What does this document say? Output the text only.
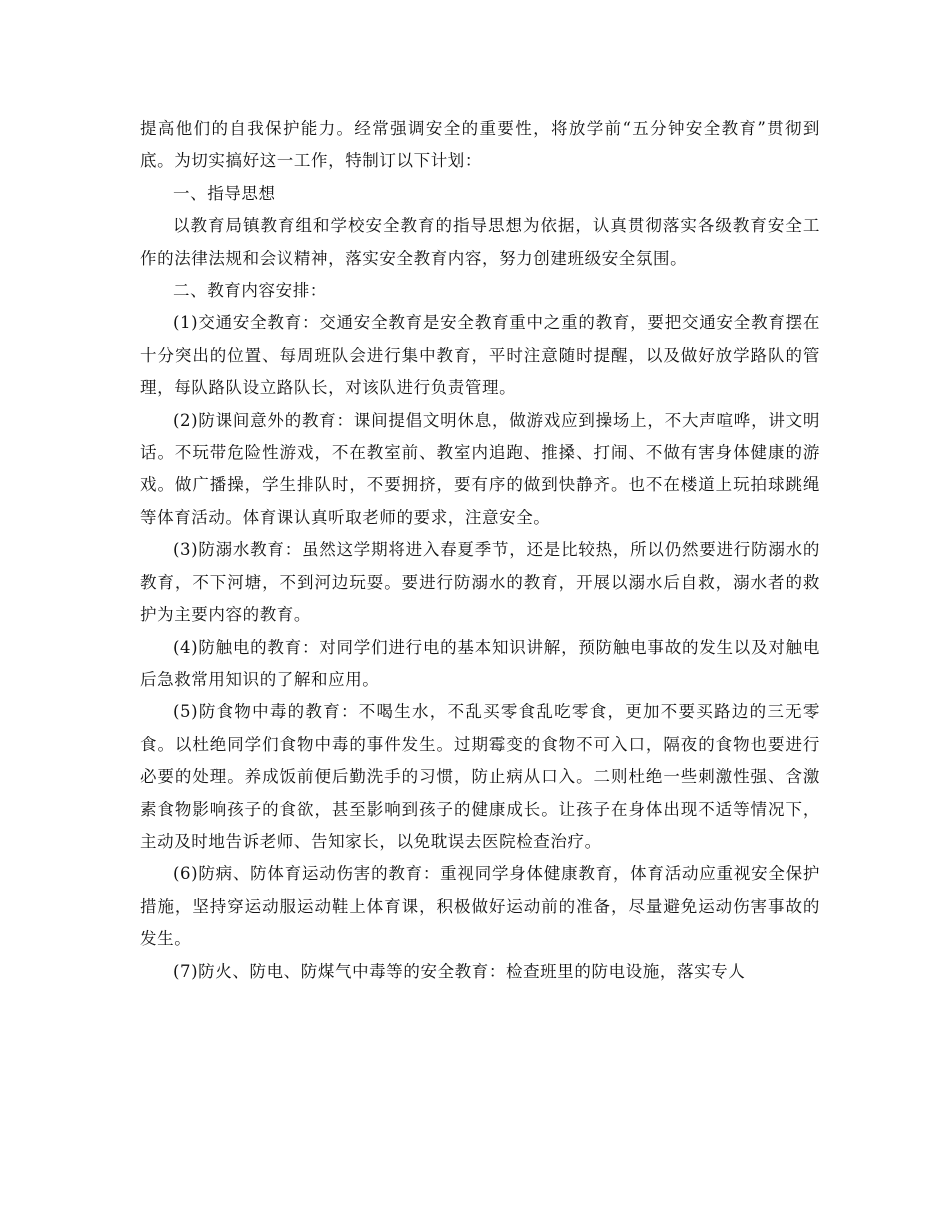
提高他们的自我保护能力。经常强调安全的重要性，将放学前“五分钟安全教育”贯彻到底。为切实搞好这一工作，特制订以下计划：

一、指导思想

以教育局镇教育组和学校安全教育的指导思想为依据，认真贯彻落实各级教育安全工作的法律法规和会议精神，落实安全教育内容，努力创建班级安全氛围。

二、教育内容安排：

(1)交通安全教育：交通安全教育是安全教育重中之重的教育，要把交通安全教育摆在十分突出的位置、每周班队会进行集中教育，平时注意随时提醒，以及做好放学路队的管理，每队路队设立路队长，对该队进行负责管理。

(2)防课间意外的教育：课间提倡文明休息，做游戏应到操场上，不大声喧哗，讲文明话。不玩带危险性游戏，不在教室前、教室内追跑、推搡、打闹、不做有害身体健康的游戏。做广播操，学生排队时，不要拥挤，要有序的做到快静齐。也不在楼道上玩拍球跳绳等体育活动。体育课认真听取老师的要求，注意安全。

(3)防溺水教育：虽然这学期将进入春夏季节，还是比较热，所以仍然要进行防溺水的教育，不下河塘，不到河边玩耍。要进行防溺水的教育，开展以溺水后自救，溺水者的救护为主要内容的教育。

(4)防触电的教育：对同学们进行电的基本知识讲解，预防触电事故的发生以及对触电后急救常用知识的了解和应用。

(5)防食物中毒的教育：不喝生水，不乱买零食乱吃零食，更加不要买路边的三无零食。以杜绝同学们食物中毒的事件发生。过期霉变的食物不可入口，隔夜的食物也要进行必要的处理。养成饭前便后勤洗手的习惯，防止病从口入。二则杜绝一些刺激性强、含激素食物影响孩子的食欲，甚至影响到孩子的健康成长。让孩子在身体出现不适等情况下，主动及时地告诉老师、告知家长，以免耽误去医院检查治疗。

(6)防病、防体育运动伤害的教育：重视同学身体健康教育，体育活动应重视安全保护措施，坚持穿运动服运动鞋上体育课，积极做好运动前的准备，尽量避免运动伤害事故的发生。

(7)防火、防电、防煤气中毒等的安全教育：检查班里的防电设施，落实专人
